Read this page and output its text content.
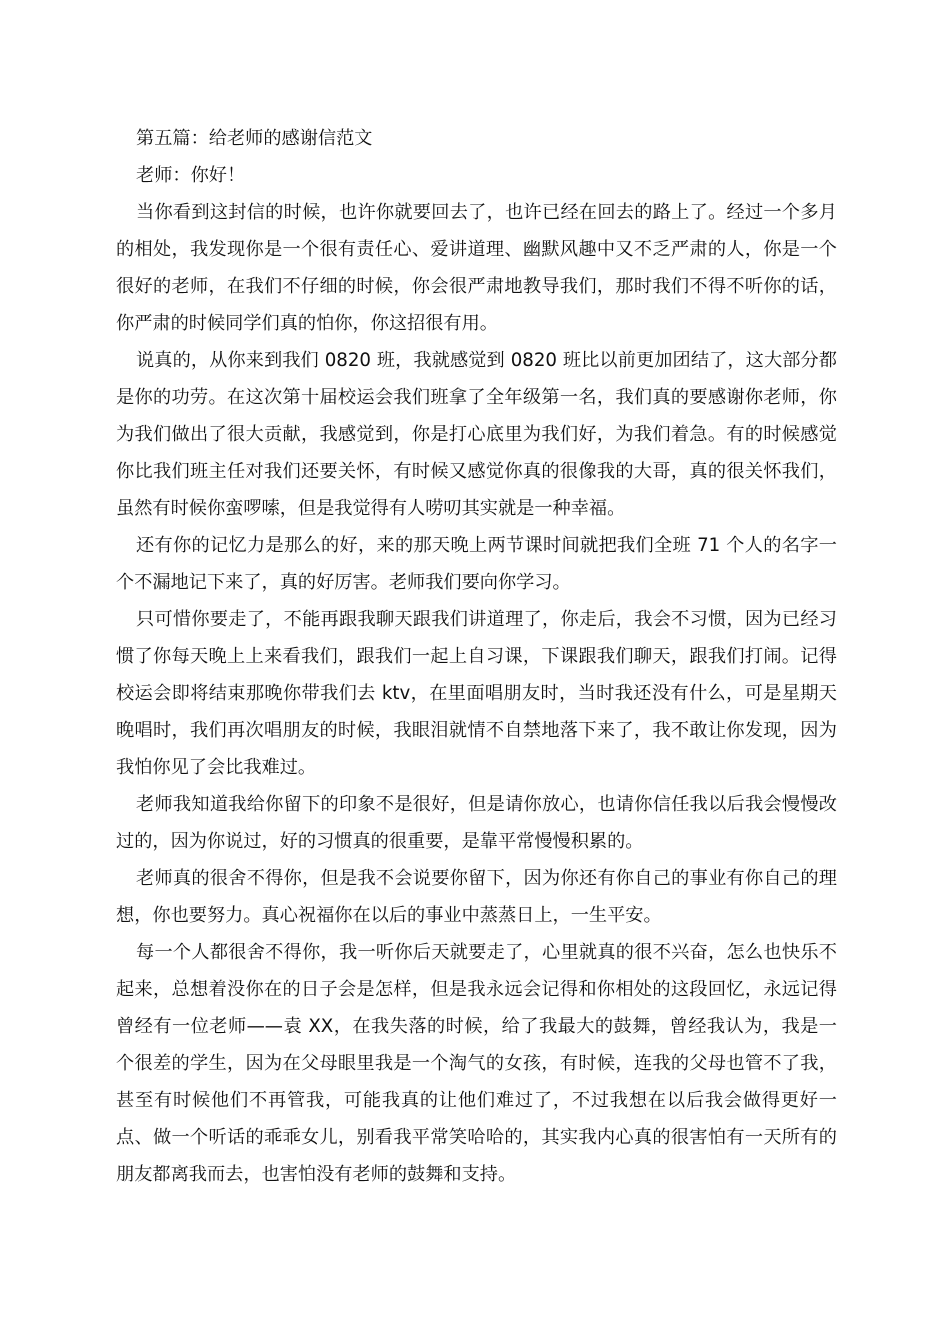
第五篇：给老师的感谢信范文

老师：你好！

当你看到这封信的时候，也许你就要回去了，也许已经在回去的路上了。经过一个多月的相处，我发现你是一个很有责任心、爱讲道理、幽默风趣中又不乏严肃的人，你是一个很好的老师，在我们不仔细的时候，你会很严肃地教导我们，那时我们不得不听你的话，你严肃的时候同学们真的怕你，你这招很有用。

说真的，从你来到我们 0820 班，我就感觉到 0820 班比以前更加团结了，这大部分都是你的功劳。在这次第十届校运会我们班拿了全年级第一名，我们真的要感谢你老师，你为我们做出了很大贡献，我感觉到，你是打心底里为我们好，为我们着急。有的时候感觉你比我们班主任对我们还要关怀，有时候又感觉你真的很像我的大哥，真的很关怀我们，虽然有时候你蛮啰嗦，但是我觉得有人唠叨其实就是一种幸福。

还有你的记忆力是那么的好，来的那天晚上两节课时间就把我们全班 71 个人的名字一个不漏地记下来了，真的好厉害。老师我们要向你学习。

只可惜你要走了，不能再跟我聊天跟我们讲道理了，你走后，我会不习惯，因为已经习惯了你每天晚上上来看我们，跟我们一起上自习课，下课跟我们聊天，跟我们打闹。记得校运会即将结束那晚你带我们去 ktv，在里面唱朋友时，当时我还没有什么，可是星期天晚唱时，我们再次唱朋友的时候，我眼泪就情不自禁地落下来了，我不敢让你发现，因为我怕你见了会比我难过。

老师我知道我给你留下的印象不是很好，但是请你放心，也请你信任我以后我会慢慢改过的，因为你说过，好的习惯真的很重要，是靠平常慢慢积累的。

老师真的很舍不得你，但是我不会说要你留下，因为你还有你自己的事业有你自己的理想，你也要努力。真心祝福你在以后的事业中蒸蒸日上，一生平安。

每一个人都很舍不得你，我一听你后天就要走了，心里就真的很不兴奋，怎么也快乐不起来，总想着没你在的日子会是怎样，但是我永远会记得和你相处的这段回忆，永远记得曾经有一位老师——袁 XX，在我失落的时候，给了我最大的鼓舞，曾经我认为，我是一个很差的学生，因为在父母眼里我是一个淘气的女孩，有时候，连我的父母也管不了我，甚至有时候他们不再管我，可能我真的让他们难过了，不过我想在以后我会做得更好一点、做一个听话的乖乖女儿，别看我平常笑哈哈的，其实我内心真的很害怕有一天所有的朋友都离我而去，也害怕没有老师的鼓舞和支持。
